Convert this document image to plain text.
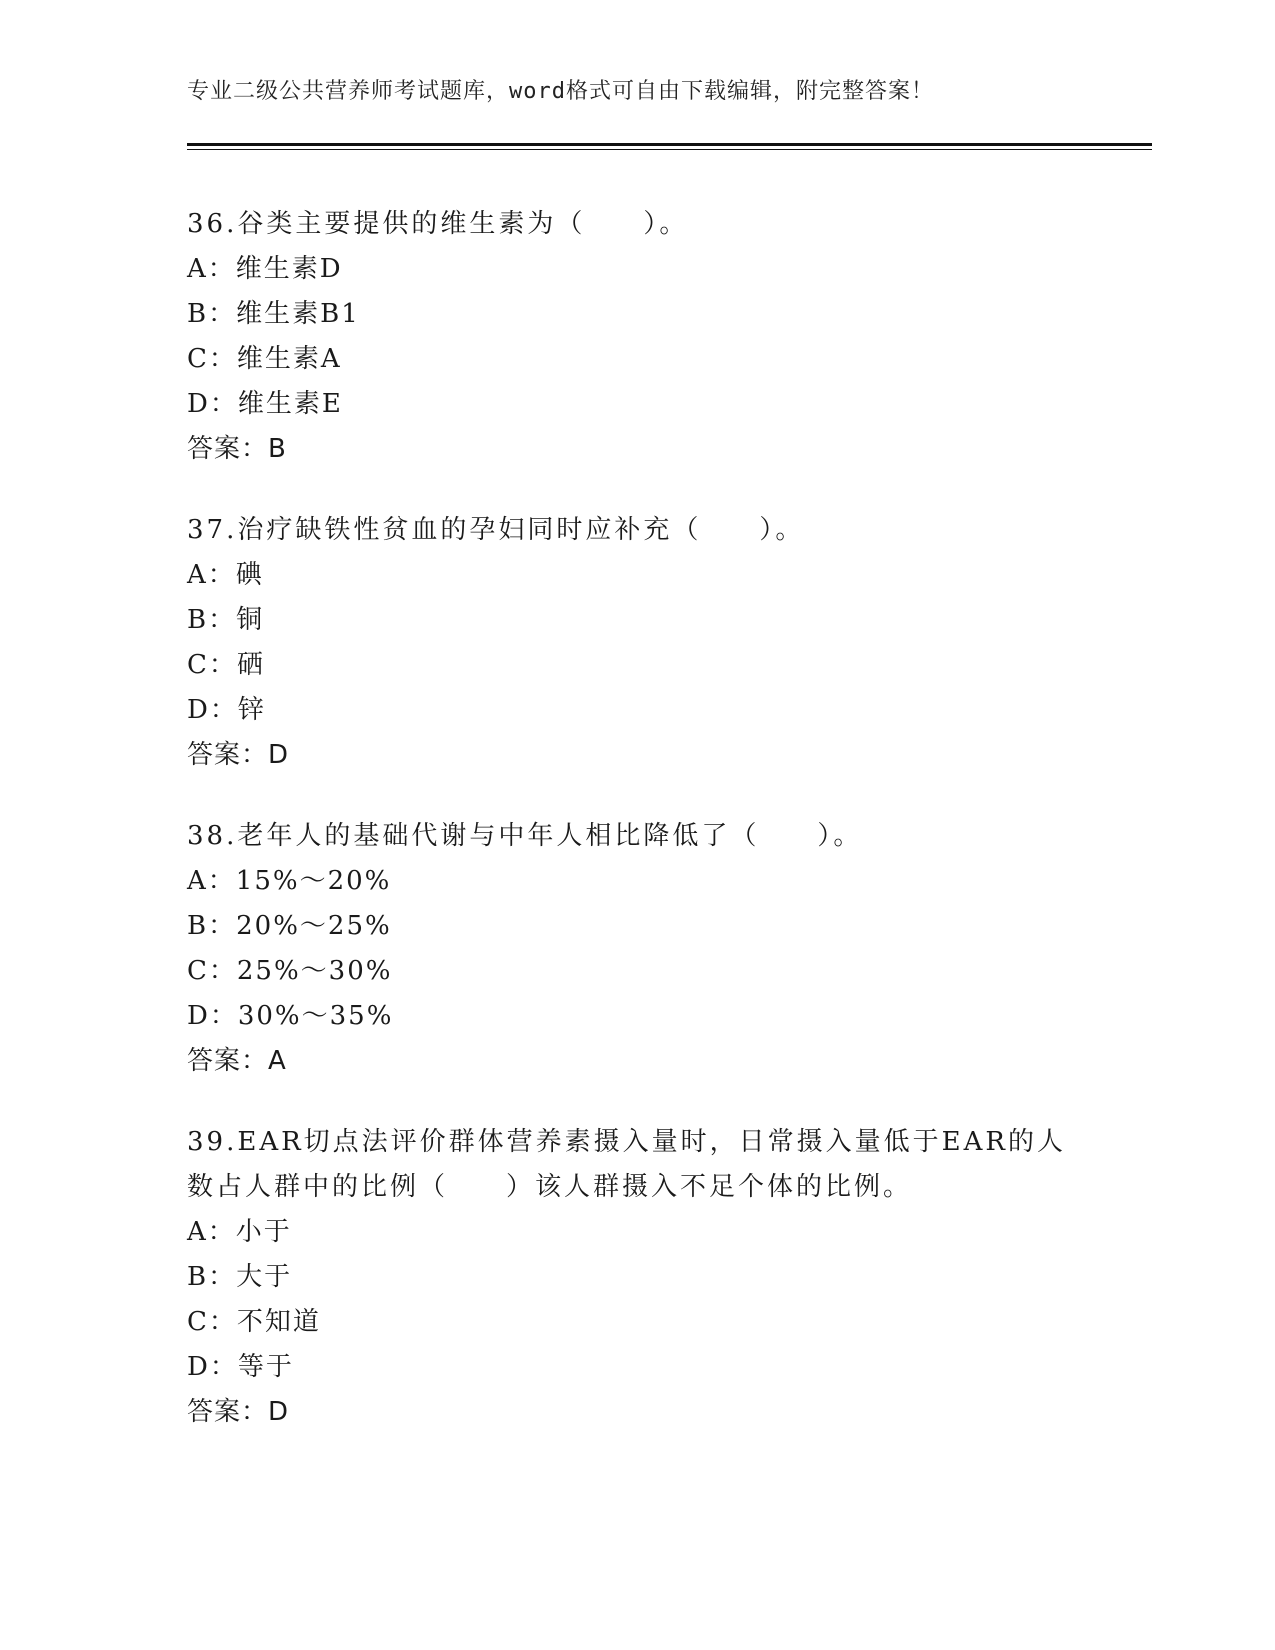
专业二级公共营养师考试题库，word格式可自由下载编辑，附完整答案！

36.谷类主要提供的维生素为（　　）。

A：维生素D

B：维生素B1

C：维生素A

D：维生素E

答案：B

37.治疗缺铁性贫血的孕妇同时应补充（　　）。

A：碘

B：铜

C：硒

D：锌

答案：D

38.老年人的基础代谢与中年人相比降低了（　　）。

A：15%～20%

B：20%～25%

C：25%～30%

D：30%～35%

答案：A

39.EAR切点法评价群体营养素摄入量时，日常摄入量低于EAR的人数占人群中的比例（　　）该人群摄入不足个体的比例。

A：小于

B：大于

C：不知道

D：等于

答案：D
